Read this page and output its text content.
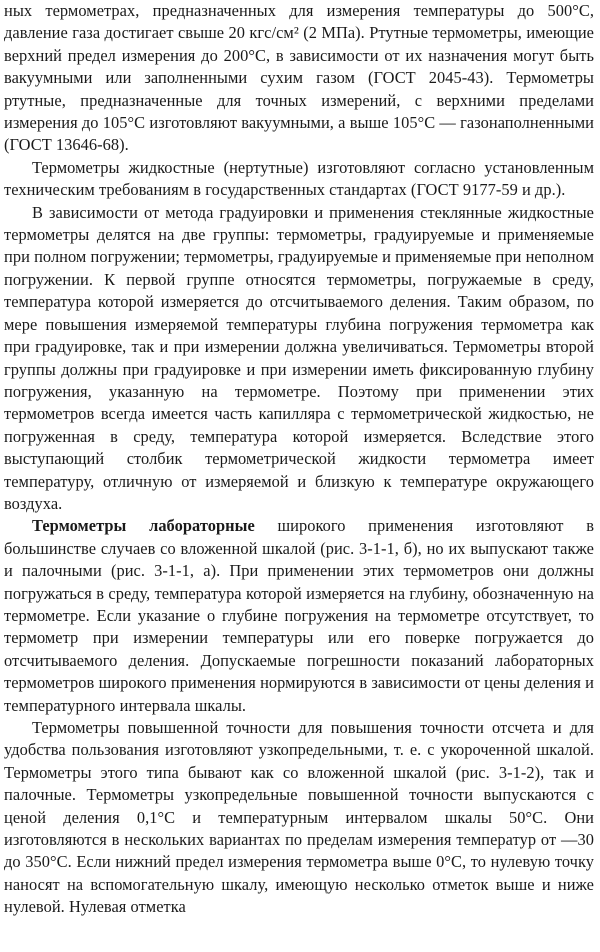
ных термометрах, предназначенных для измерения температуры до 500°С, давление газа достигает свыше 20 кгс/см² (2 МПа). Ртутные термометры, имеющие верхний предел измерения до 200°С, в зависимости от их назначения могут быть вакуумными или заполненными сухим газом (ГОСТ 2045-43). Термометры ртутные, предназначенные для точных измерений, с верхними пределами измерения до 105°С изготовляют вакуумными, а выше 105°С — газонаполненными (ГОСТ 13646-68).

Термометры жидкостные (нертутные) изготовляют согласно установленным техническим требованиям в государственных стандартах (ГОСТ 9177-59 и др.).

В зависимости от метода градуировки и применения стеклянные жидкостные термометры делятся на две группы: термометры, градуируемые и применяемые при полном погружении; термометры, градуируемые и применяемые при неполном погружении. К первой группе относятся термометры, погружаемые в среду, температура которой измеряется до отсчитываемого деления. Таким образом, по мере повышения измеряемой температуры глубина погружения термометра как при градуировке, так и при измерении должна увеличиваться. Термометры второй группы должны при градуировке и при измерении иметь фиксированную глубину погружения, указанную на термометре. Поэтому при применении этих термометров всегда имеется часть капилляра с термометрической жидкостью, не погруженная в среду, температура которой измеряется. Вследствие этого выступающий столбик термометрической жидкости термометра имеет температуру, отличную от измеряемой и близкую к температуре окружающего воздуха.

Термометры лабораторные широкого применения изготовляют в большинстве случаев со вложенной шкалой (рис. 3-1-1, б), но их выпускают также и палочными (рис. 3-1-1, а). При применении этих термометров они должны погружаться в среду, температура которой измеряется на глубину, обозначенную на термометре. Если указание о глубине погружения на термометре отсутствует, то термометр при измерении температуры или его поверке погружается до отсчитываемого деления. Допускаемые погрешности показаний лабораторных термометров широкого применения нормируются в зависимости от цены деления и температурного интервала шкалы.

Термометры повышенной точности для повышения точности отсчета и для удобства пользования изготовляют узкопредельными, т. е. с укороченной шкалой. Термометры этого типа бывают как со вложенной шкалой (рис. 3-1-2), так и палочные. Термометры узкопредельные повышенной точности выпускаются с ценой деления 0,1°С и температурным интервалом шкалы 50°С. Они изготовляются в нескольких вариантах по пределам измерения температур от —30 до 350°С. Если нижний предел измерения термометра выше 0°С, то нулевую точку наносят на вспомогательную шкалу, имеющую несколько отметок выше и ниже нулевой. Нулевая отметка
